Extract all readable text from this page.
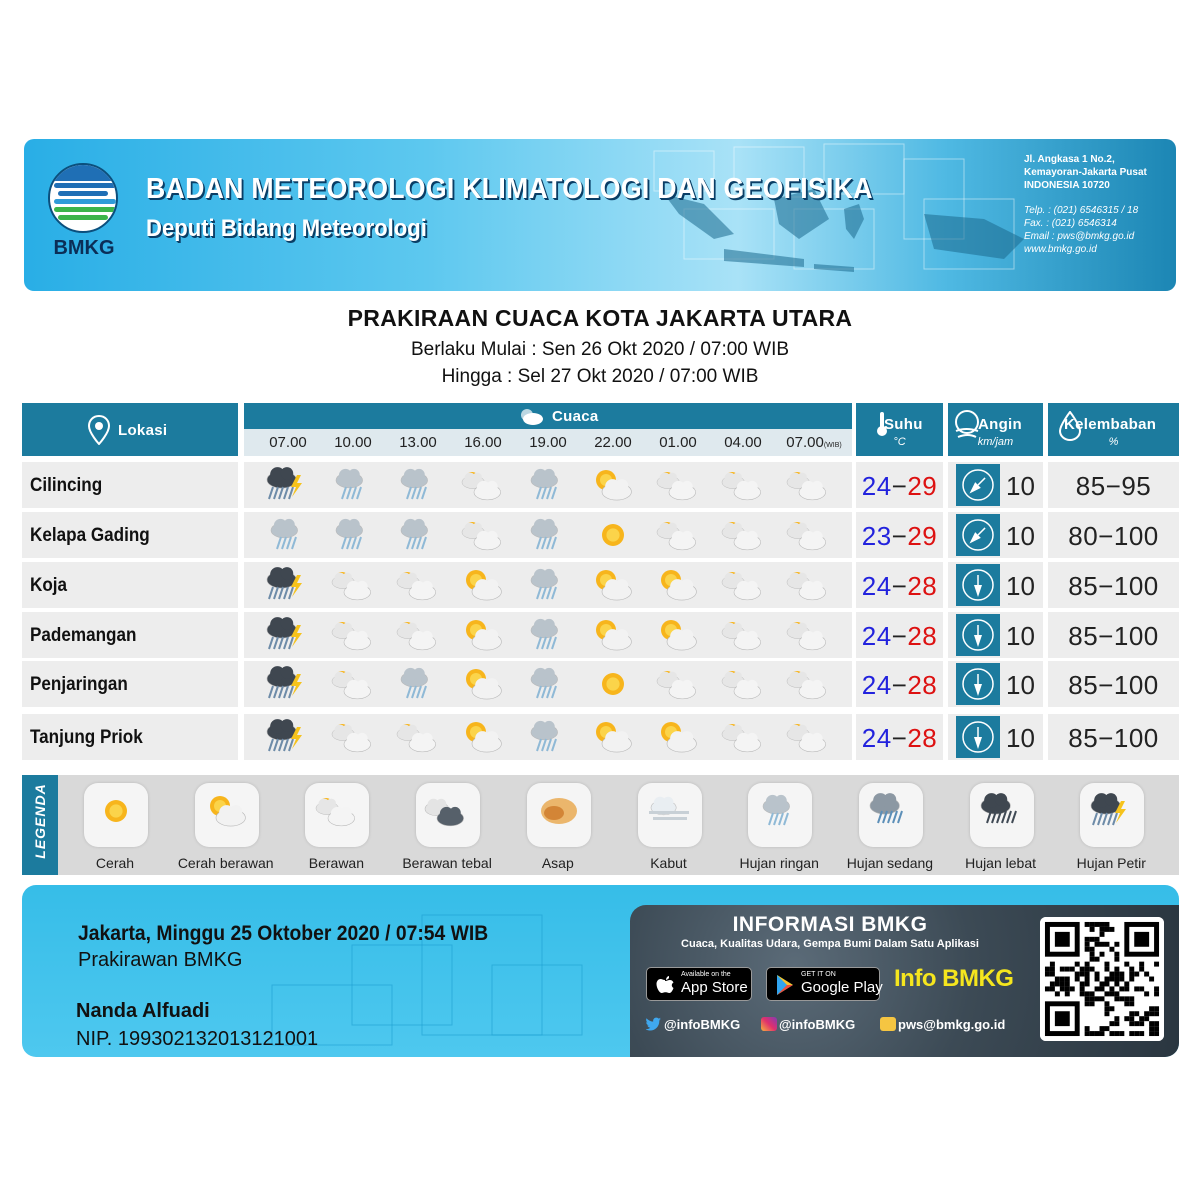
BMKG
BADAN METEOROLOGI KLIMATOLOGI DAN GEOFISIKA
Deputi Bidang Meteorologi
Jl. Angkasa 1 No.2,
Kemayoran-Jakarta Pusat
INDONESIA 10720
Telp. : (021) 6546315 / 18
Fax. : (021) 6546314
Email : pws@bmkg.go.id
www.bmkg.go.id
PRAKIRAAN CUACA KOTA JAKARTA UTARA
Berlaku Mulai : Sen 26 Okt 2020 / 07:00 WIB
Hingga : Sel 27 Okt 2020 / 07:00 WIB
Lokasi
Cuaca
07.00	10.00	13.00	16.00	19.00	22.00	01.00	04.00	07.00(WIB)
Suhu
°C
Angin
km/jam
Kelembaban
%
Cilincing	24−29	10	85−95
Kelapa Gading	23−29	10	80−100
Koja	24−28	10	85−100
Pademangan	24−28	10	85−100
Penjaringan	24−28	10	85−100
Tanjung Priok	24−28	10	85−100
LEGENDA
Cerah	Cerah berawan	Berawan	Berawan tebal	Asap	Kabut	Hujan ringan	Hujan sedang	Hujan lebat	Hujan Petir
Jakarta, Minggu 25 Oktober 2020 / 07:54 WIB
Prakirawan BMKG
Nanda Alfuadi
NIP. 199302132013121001
INFORMASI BMKG
Cuaca, Kualitas Udara, Gempa Bumi Dalam Satu Aplikasi
Available on the
App Store
GET IT ON
Google Play Info BMKG
@infoBMKG	@infoBMKG	pws@bmkg.go.id
